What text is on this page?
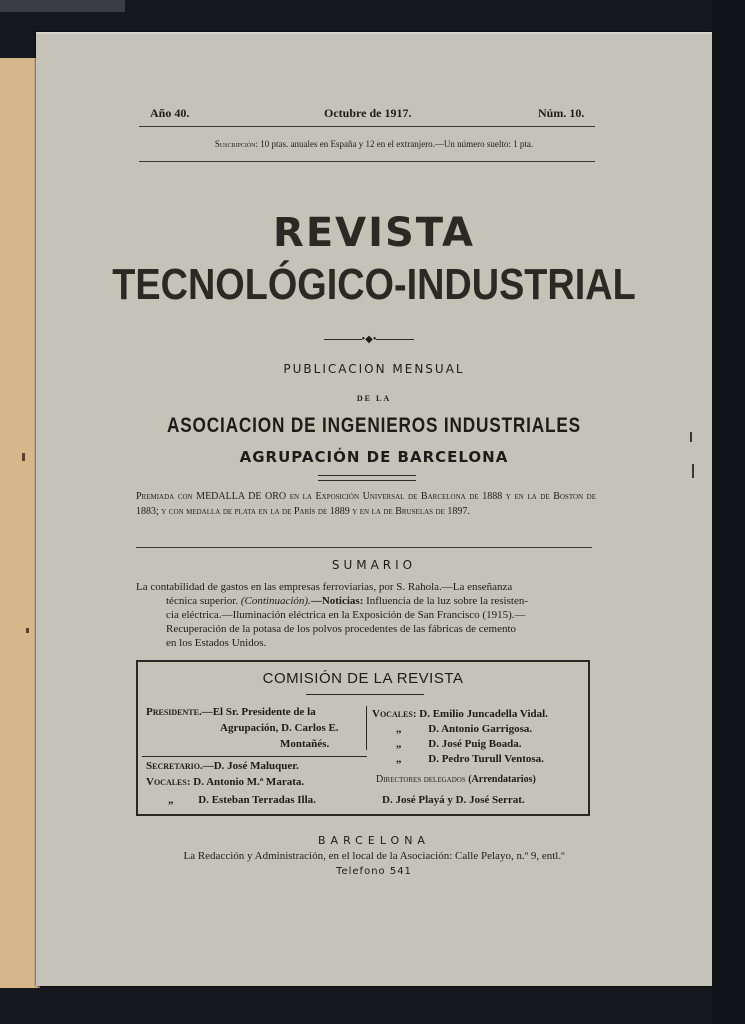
Año 40.	Octubre de 1917.	Núm. 10.
Suscripción: 10 ptas. anuales en España y 12 en el extranjero.—Un número suelto: 1 pta.
REVISTA
TECNOLÓGICO-INDUSTRIAL
•◆•
PUBLICACION MENSUAL
DE LA
ASOCIACION DE INGENIEROS INDUSTRIALES
AGRUPACIÓN DE BARCELONA
Premiada con MEDALLA DE ORO en la Exposición Universal de Barcelona de 1888 y en la de Boston de 1883; y con medalla de plata en la de París de 1889 y en la de Bruselas de 1897.
SUMARIO

La contabilidad de gastos en las empresas ferroviarias, por S. Rahola.—La enseñanza

técnica superior. (Continuación).—Noticias: Influencia de la luz sobre la resisten-

cia eléctrica.—Iluminación eléctrica en la Exposición de San Francisco (1915).—

Recuperación de la potasa de los polvos procedentes de las fábricas de cemento

en los Estados Unidos.

COMISIÓN DE LA REVISTA
Presidente.—El Sr. Presidente de la
Agrupación, D. Carlos E.
Montañés.
Secretario.—D. José Maluquer.
Vocales: D. Antonio M.ª Marata.
„ D. Esteban Terradas Illa.
Vocales: D. Emilio Juncadella Vidal.
„ D. Antonio Garrigosa.
„ D. José Puig Boada.
„ D. Pedro Turull Ventosa.
Directores delegados (Arrendatarios)
D. José Playá y D. José Serrat.
BARCELONA
La Redacción y Administración, en el local de la Asociación: Calle Pelayo, n.º 9, entl.º
Telefono 541
